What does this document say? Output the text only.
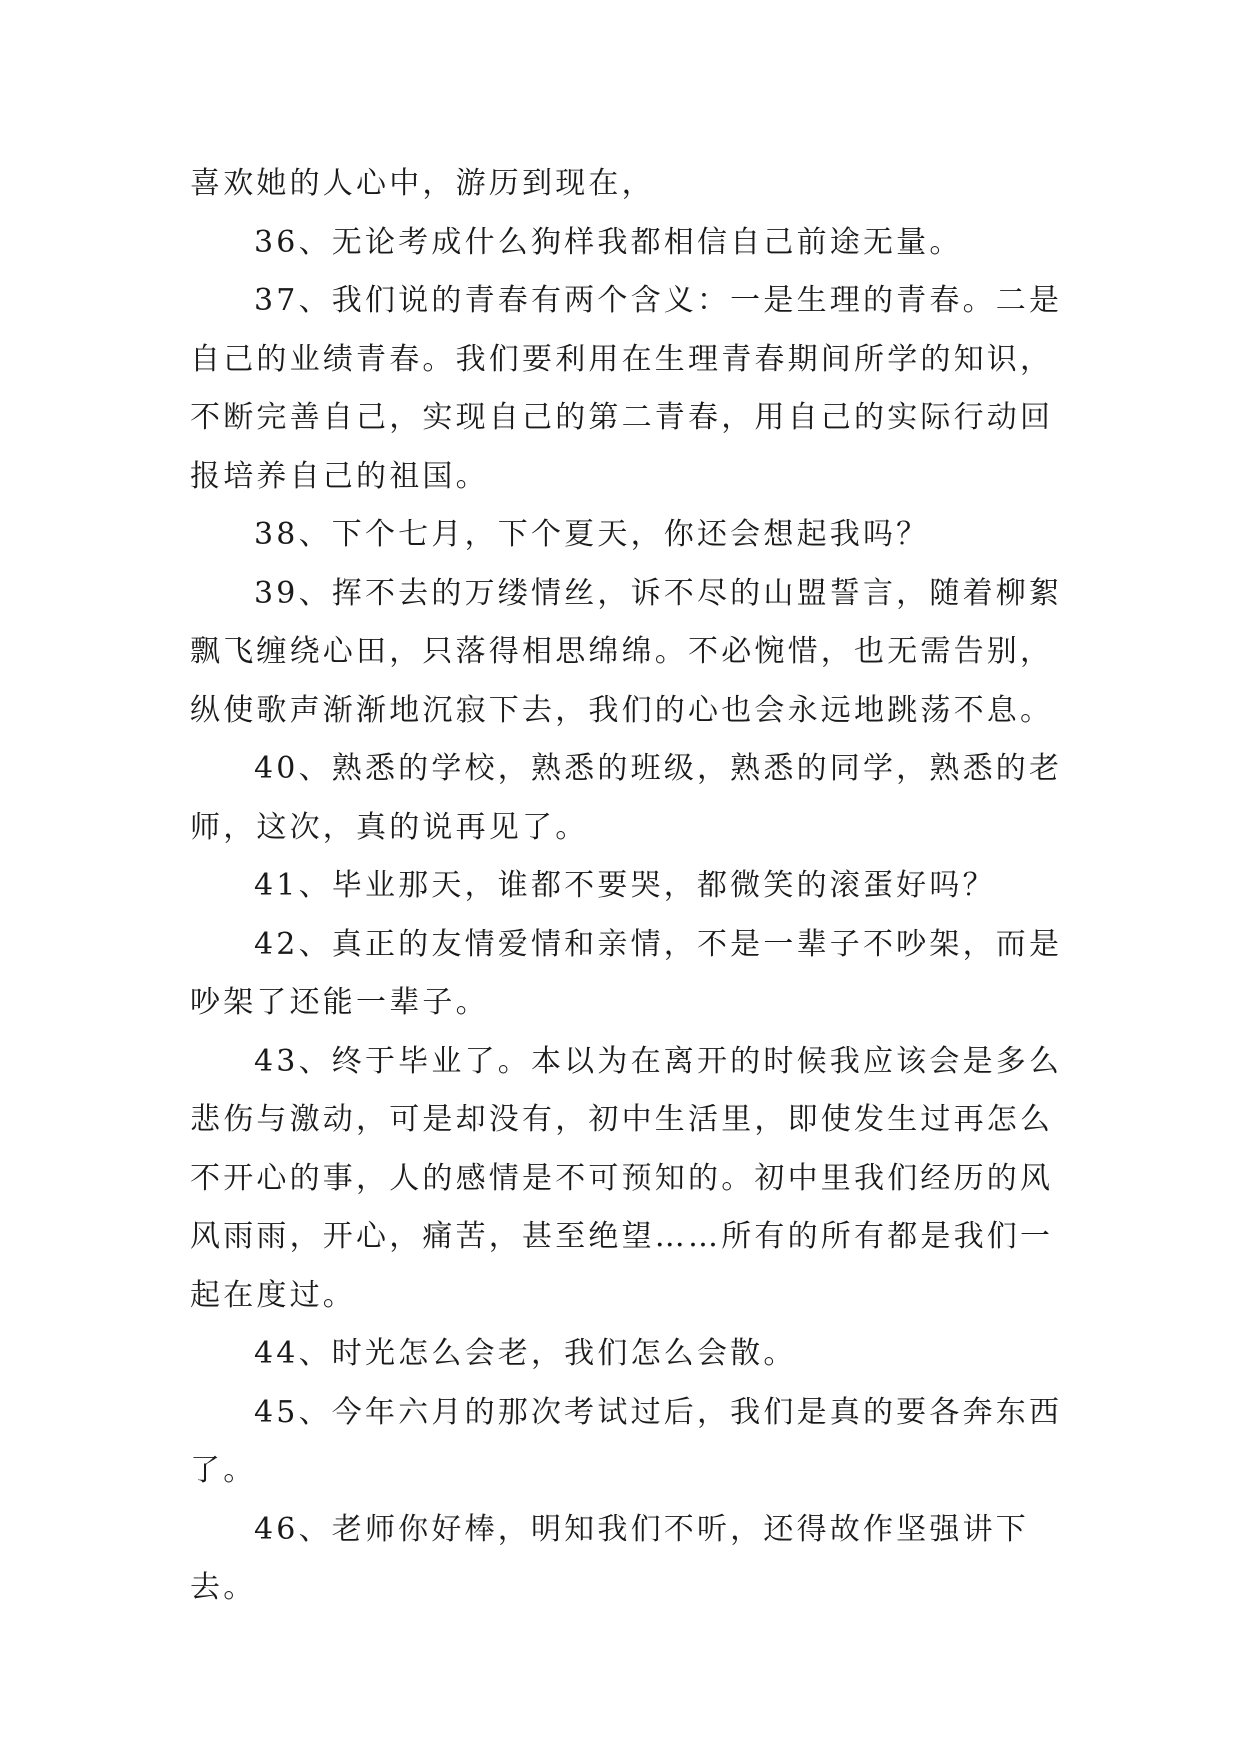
喜欢她的人心中，游历到现在，

36、无论考成什么狗样我都相信自己前途无量。

37、我们说的青春有两个含义：一是生理的青春。二是自己的业绩青春。我们要利用在生理青春期间所学的知识，不断完善自己，实现自己的第二青春，用自己的实际行动回报培养自己的祖国。

38、下个七月，下个夏天，你还会想起我吗？

39、挥不去的万缕情丝，诉不尽的山盟誓言，随着柳絮飘飞缠绕心田，只落得相思绵绵。不必惋惜，也无需告别，纵使歌声渐渐地沉寂下去，我们的心也会永远地跳荡不息。

40、熟悉的学校，熟悉的班级，熟悉的同学，熟悉的老师，这次，真的说再见了。

41、毕业那天，谁都不要哭，都微笑的滚蛋好吗？

42、真正的友情爱情和亲情，不是一辈子不吵架，而是吵架了还能一辈子。

43、终于毕业了。本以为在离开的时候我应该会是多么悲伤与激动，可是却没有，初中生活里，即使发生过再怎么不开心的事，人的感情是不可预知的。初中里我们经历的风风雨雨，开心，痛苦，甚至绝望……所有的所有都是我们一起在度过。

44、时光怎么会老，我们怎么会散。

45、今年六月的那次考试过后，我们是真的要各奔东西了。

46、老师你好棒，明知我们不听，还得故作坚强讲下去。
